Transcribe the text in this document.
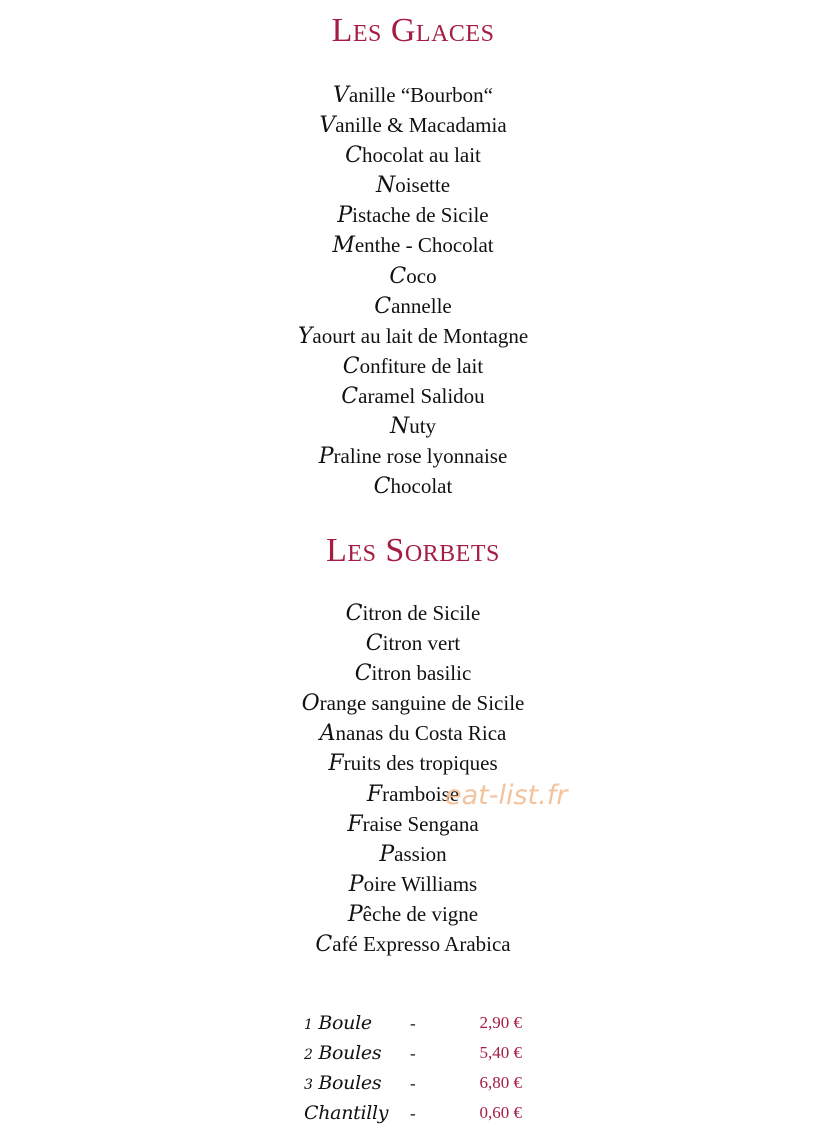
Les Glaces
Vanille “Bourbon“
Vanille & Macadamia
Chocolat au lait
Noisette
Pistache de Sicile
Menthe - Chocolat
Coco
Cannelle
Yaourt au lait de Montagne
Confiture de lait
Caramel Salidou
Nuty
Praline rose lyonnaise
Chocolat
Les Sorbets
Citron de Sicile
Citron vert
Citron basilic
Orange sanguine de Sicile
Ananas du Costa Rica
Fruits des tropiques
Framboise
Fraise Sengana
Passion
Poire Williams
Pêche de vigne
Café Expresso Arabica
eat-list.fr
1 Boule -	2,90 €
2 Boules -	5,40 €
3 Boules -	6,80 €
Chantilly -	0,60 €
